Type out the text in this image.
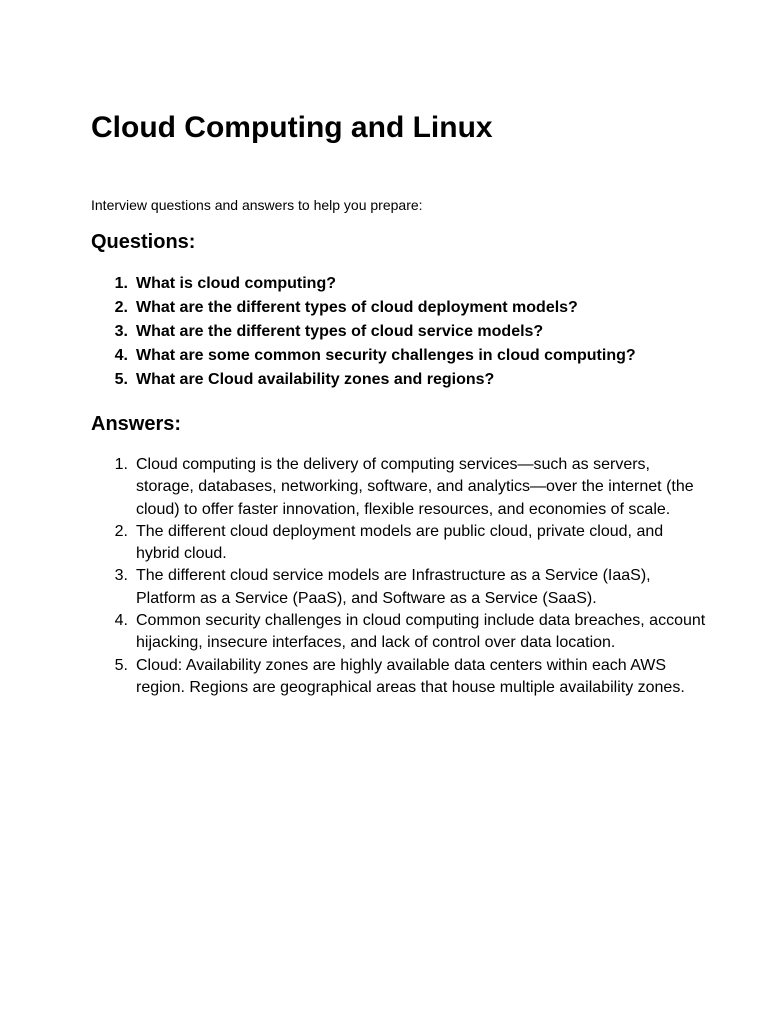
Cloud Computing and Linux

Interview questions and answers to help you prepare:

Questions:
1. What is cloud computing?
2. What are the different types of cloud deployment models?
3. What are the different types of cloud service models?
4. What are some common security challenges in cloud computing?
5. What are Cloud availability zones and regions?
Answers:
1. Cloud computing is the delivery of computing services—such as servers, storage, databases, networking, software, and analytics—over the internet (the cloud) to offer faster innovation, flexible resources, and economies of scale.
2. The different cloud deployment models are public cloud, private cloud, and hybrid cloud.
3. The different cloud service models are Infrastructure as a Service (IaaS), Platform as a Service (PaaS), and Software as a Service (SaaS).
4. Common security challenges in cloud computing include data breaches, account hijacking, insecure interfaces, and lack of control over data location.
5. Cloud: Availability zones are highly available data centers within each AWS region. Regions are geographical areas that house multiple availability zones.
